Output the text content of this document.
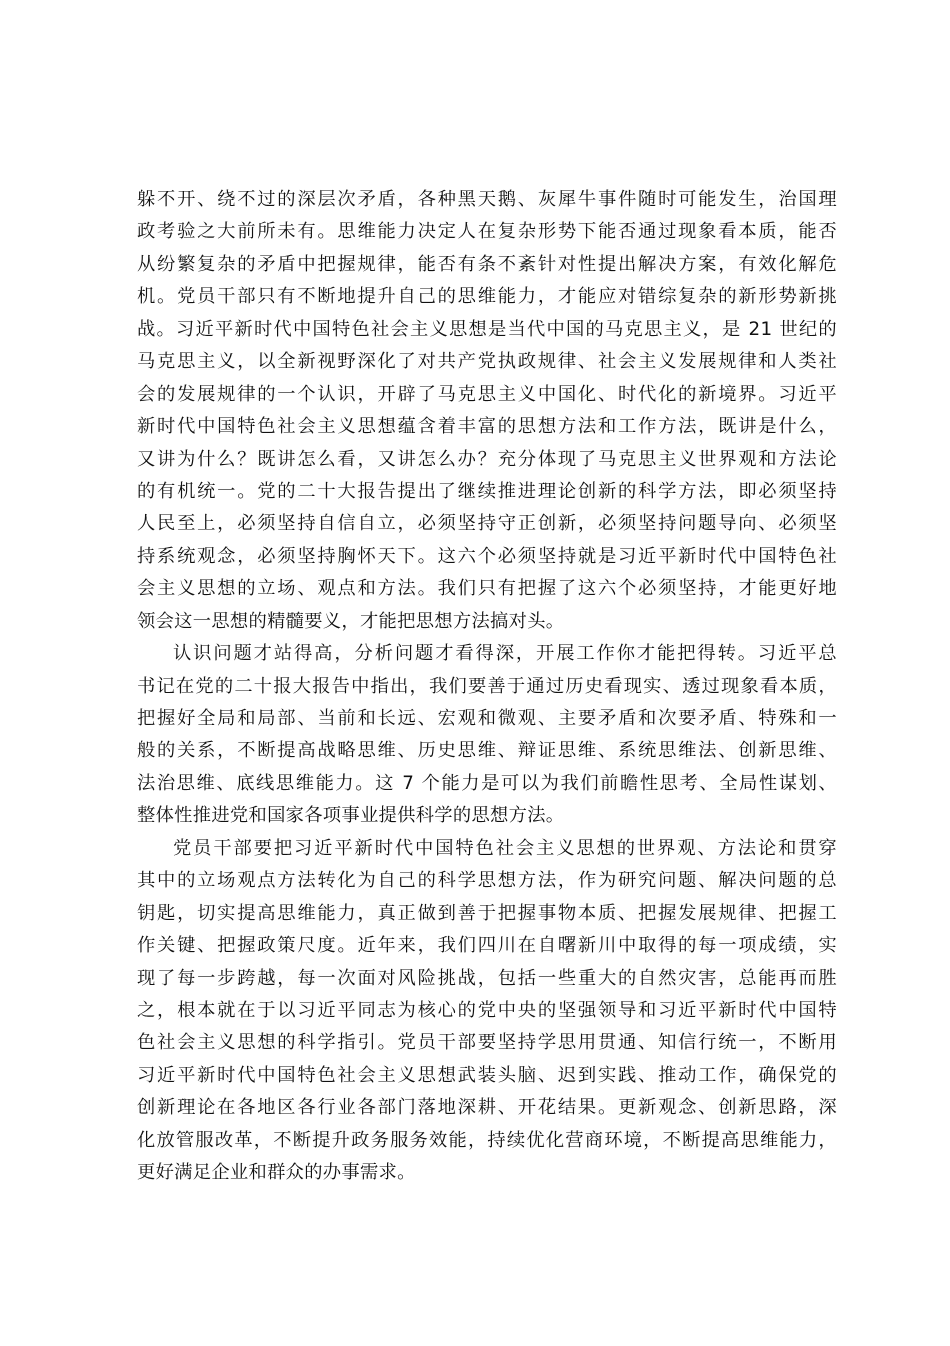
躲不开、绕不过的深层次矛盾，各种黑天鹅、灰犀牛事件随时可能发生，治国理
政考验之大前所未有。思维能力决定人在复杂形势下能否通过现象看本质，能否
从纷繁复杂的矛盾中把握规律，能否有条不紊针对性提出解决方案，有效化解危
机。党员干部只有不断地提升自己的思维能力，才能应对错综复杂的新形势新挑
战。习近平新时代中国特色社会主义思想是当代中国的马克思主义，是 21 世纪的
马克思主义，以全新视野深化了对共产党执政规律、社会主义发展规律和人类社
会的发展规律的一个认识，开辟了马克思主义中国化、时代化的新境界。习近平
新时代中国特色社会主义思想蕴含着丰富的思想方法和工作方法，既讲是什么，
又讲为什么？既讲怎么看，又讲怎么办？充分体现了马克思主义世界观和方法论
的有机统一。党的二十大报告提出了继续推进理论创新的科学方法，即必须坚持
人民至上，必须坚持自信自立，必须坚持守正创新，必须坚持问题导向、必须坚
持系统观念，必须坚持胸怀天下。这六个必须坚持就是习近平新时代中国特色社
会主义思想的立场、观点和方法。我们只有把握了这六个必须坚持，才能更好地
领会这一思想的精髓要义，才能把思想方法搞对头。
认识问题才站得高，分析问题才看得深，开展工作你才能把得转。习近平总
书记在党的二十报大报告中指出，我们要善于通过历史看现实、透过现象看本质，
把握好全局和局部、当前和长远、宏观和微观、主要矛盾和次要矛盾、特殊和一
般的关系，不断提高战略思维、历史思维、辩证思维、系统思维法、创新思维、
法治思维、底线思维能力。这 7 个能力是可以为我们前瞻性思考、全局性谋划、
整体性推进党和国家各项事业提供科学的思想方法。
党员干部要把习近平新时代中国特色社会主义思想的世界观、方法论和贯穿
其中的立场观点方法转化为自己的科学思想方法，作为研究问题、解决问题的总
钥匙，切实提高思维能力，真正做到善于把握事物本质、把握发展规律、把握工
作关键、把握政策尺度。近年来，我们四川在自曙新川中取得的每一项成绩，实
现了每一步跨越，每一次面对风险挑战，包括一些重大的自然灾害，总能再而胜
之，根本就在于以习近平同志为核心的党中央的坚强领导和习近平新时代中国特
色社会主义思想的科学指引。党员干部要坚持学思用贯通、知信行统一，不断用
习近平新时代中国特色社会主义思想武装头脑、迟到实践、推动工作，确保党的
创新理论在各地区各行业各部门落地深耕、开花结果。更新观念、创新思路，深
化放管服改革，不断提升政务服务效能，持续优化营商环境，不断提高思维能力，
更好满足企业和群众的办事需求。
